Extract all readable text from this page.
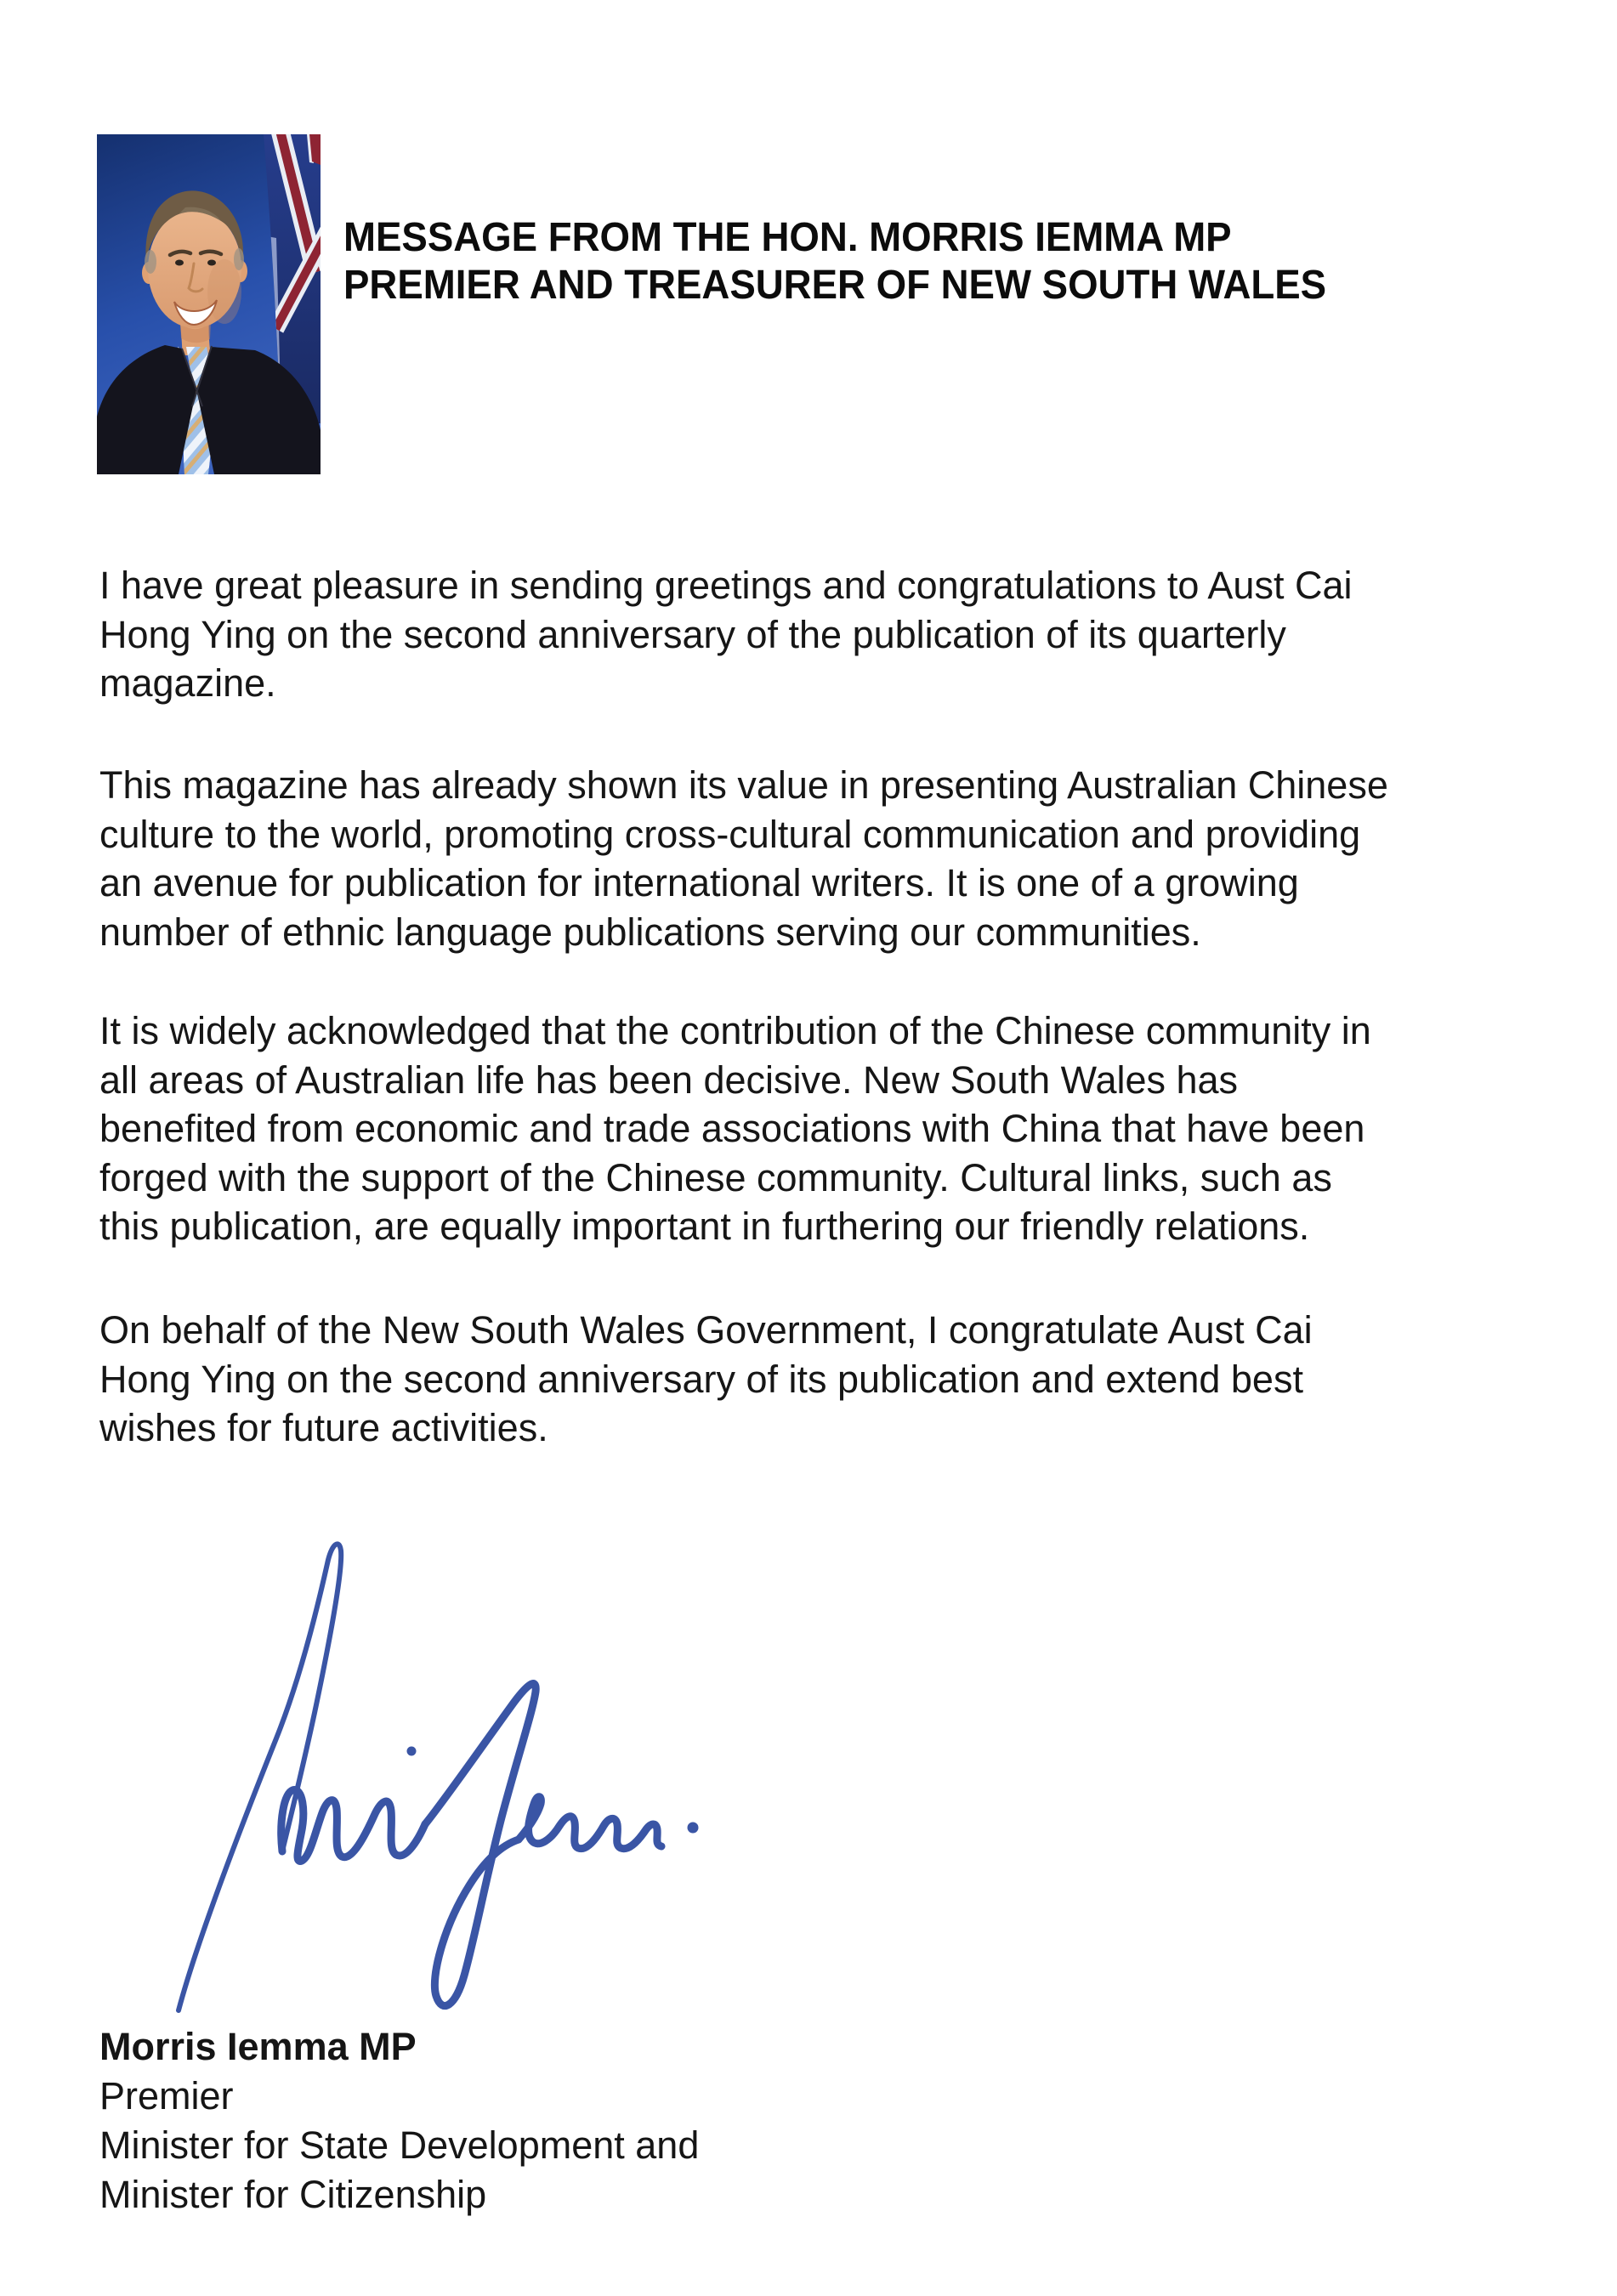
MESSAGE FROM THE HON. MORRIS IEMMA MP
PREMIER AND TREASURER OF NEW SOUTH WALES
I have great pleasure in sending greetings and congratulations to Aust Cai
Hong Ying on the second anniversary of the publication of its quarterly
magazine.
This magazine has already shown its value in presenting Australian Chinese
culture to the world, promoting cross-cultural communication and providing
an avenue for publication for international writers. It is one of a growing
number of ethnic language publications serving our communities.
It is widely acknowledged that the contribution of the Chinese community in
all areas of Australian life has been decisive. New South Wales has
benefited from economic and trade associations with China that have been
forged with the support of the Chinese community. Cultural links, such as
this publication, are equally important in furthering our friendly relations.
On behalf of the New South Wales Government, I congratulate Aust Cai
Hong Ying on the second anniversary of its publication and extend best
wishes for future activities.
Morris Iemma MP
Premier
Minister for State Development and
Minister for Citizenship
